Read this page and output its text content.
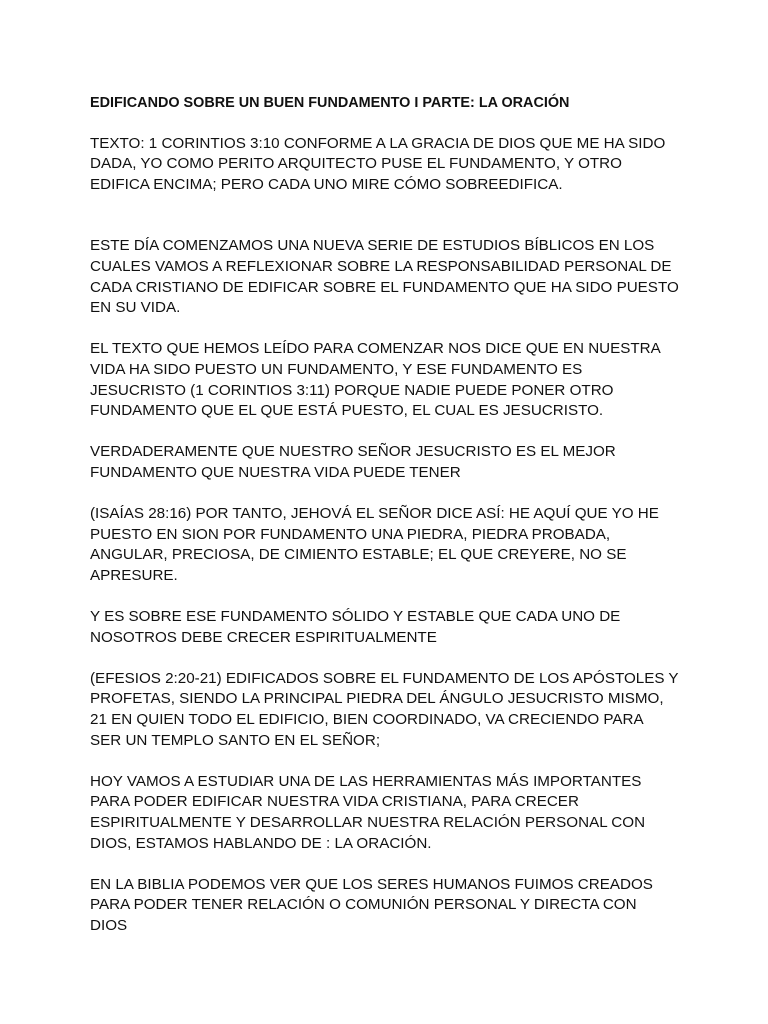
EDIFICANDO SOBRE UN BUEN FUNDAMENTO I PARTE: LA ORACIÓN
TEXTO: 1 CORINTIOS 3:10 CONFORME A LA GRACIA DE DIOS QUE ME HA SIDO
DADA, YO COMO PERITO ARQUITECTO PUSE EL FUNDAMENTO, Y OTRO
EDIFICA ENCIMA; PERO CADA UNO MIRE CÓMO SOBREEDIFICA.
ESTE DÍA COMENZAMOS UNA NUEVA SERIE DE ESTUDIOS BÍBLICOS EN LOS
CUALES VAMOS A REFLEXIONAR SOBRE LA RESPONSABILIDAD PERSONAL DE
CADA CRISTIANO DE EDIFICAR SOBRE EL FUNDAMENTO QUE HA SIDO PUESTO
EN SU VIDA.
EL TEXTO QUE HEMOS LEÍDO PARA COMENZAR NOS DICE QUE EN NUESTRA
VIDA HA SIDO PUESTO UN FUNDAMENTO, Y ESE FUNDAMENTO ES
JESUCRISTO (1 CORINTIOS 3:11) PORQUE NADIE PUEDE PONER OTRO
FUNDAMENTO QUE EL QUE ESTÁ PUESTO, EL CUAL ES JESUCRISTO.
VERDADERAMENTE QUE NUESTRO SEÑOR JESUCRISTO ES EL MEJOR
FUNDAMENTO QUE NUESTRA VIDA PUEDE TENER
(ISAÍAS 28:16) POR TANTO, JEHOVÁ EL SEÑOR DICE ASÍ: HE AQUÍ QUE YO HE
PUESTO EN SION POR FUNDAMENTO UNA PIEDRA, PIEDRA PROBADA,
ANGULAR, PRECIOSA, DE CIMIENTO ESTABLE; EL QUE CREYERE, NO SE
APRESURE.
Y ES SOBRE ESE FUNDAMENTO SÓLIDO Y ESTABLE QUE CADA UNO DE
NOSOTROS DEBE CRECER ESPIRITUALMENTE
(EFESIOS 2:20-21) EDIFICADOS SOBRE EL FUNDAMENTO DE LOS APÓSTOLES Y
PROFETAS, SIENDO LA PRINCIPAL PIEDRA DEL ÁNGULO JESUCRISTO MISMO,
21 EN QUIEN TODO EL EDIFICIO, BIEN COORDINADO, VA CRECIENDO PARA
SER UN TEMPLO SANTO EN EL SEÑOR;
HOY VAMOS A ESTUDIAR UNA DE LAS HERRAMIENTAS MÁS IMPORTANTES
PARA PODER EDIFICAR NUESTRA VIDA CRISTIANA, PARA CRECER
ESPIRITUALMENTE Y DESARROLLAR NUESTRA RELACIÓN PERSONAL CON
DIOS, ESTAMOS HABLANDO DE : LA ORACIÓN.
EN LA BIBLIA PODEMOS VER QUE LOS SERES HUMANOS FUIMOS CREADOS
PARA PODER TENER RELACIÓN O COMUNIÓN PERSONAL Y DIRECTA CON
DIOS
